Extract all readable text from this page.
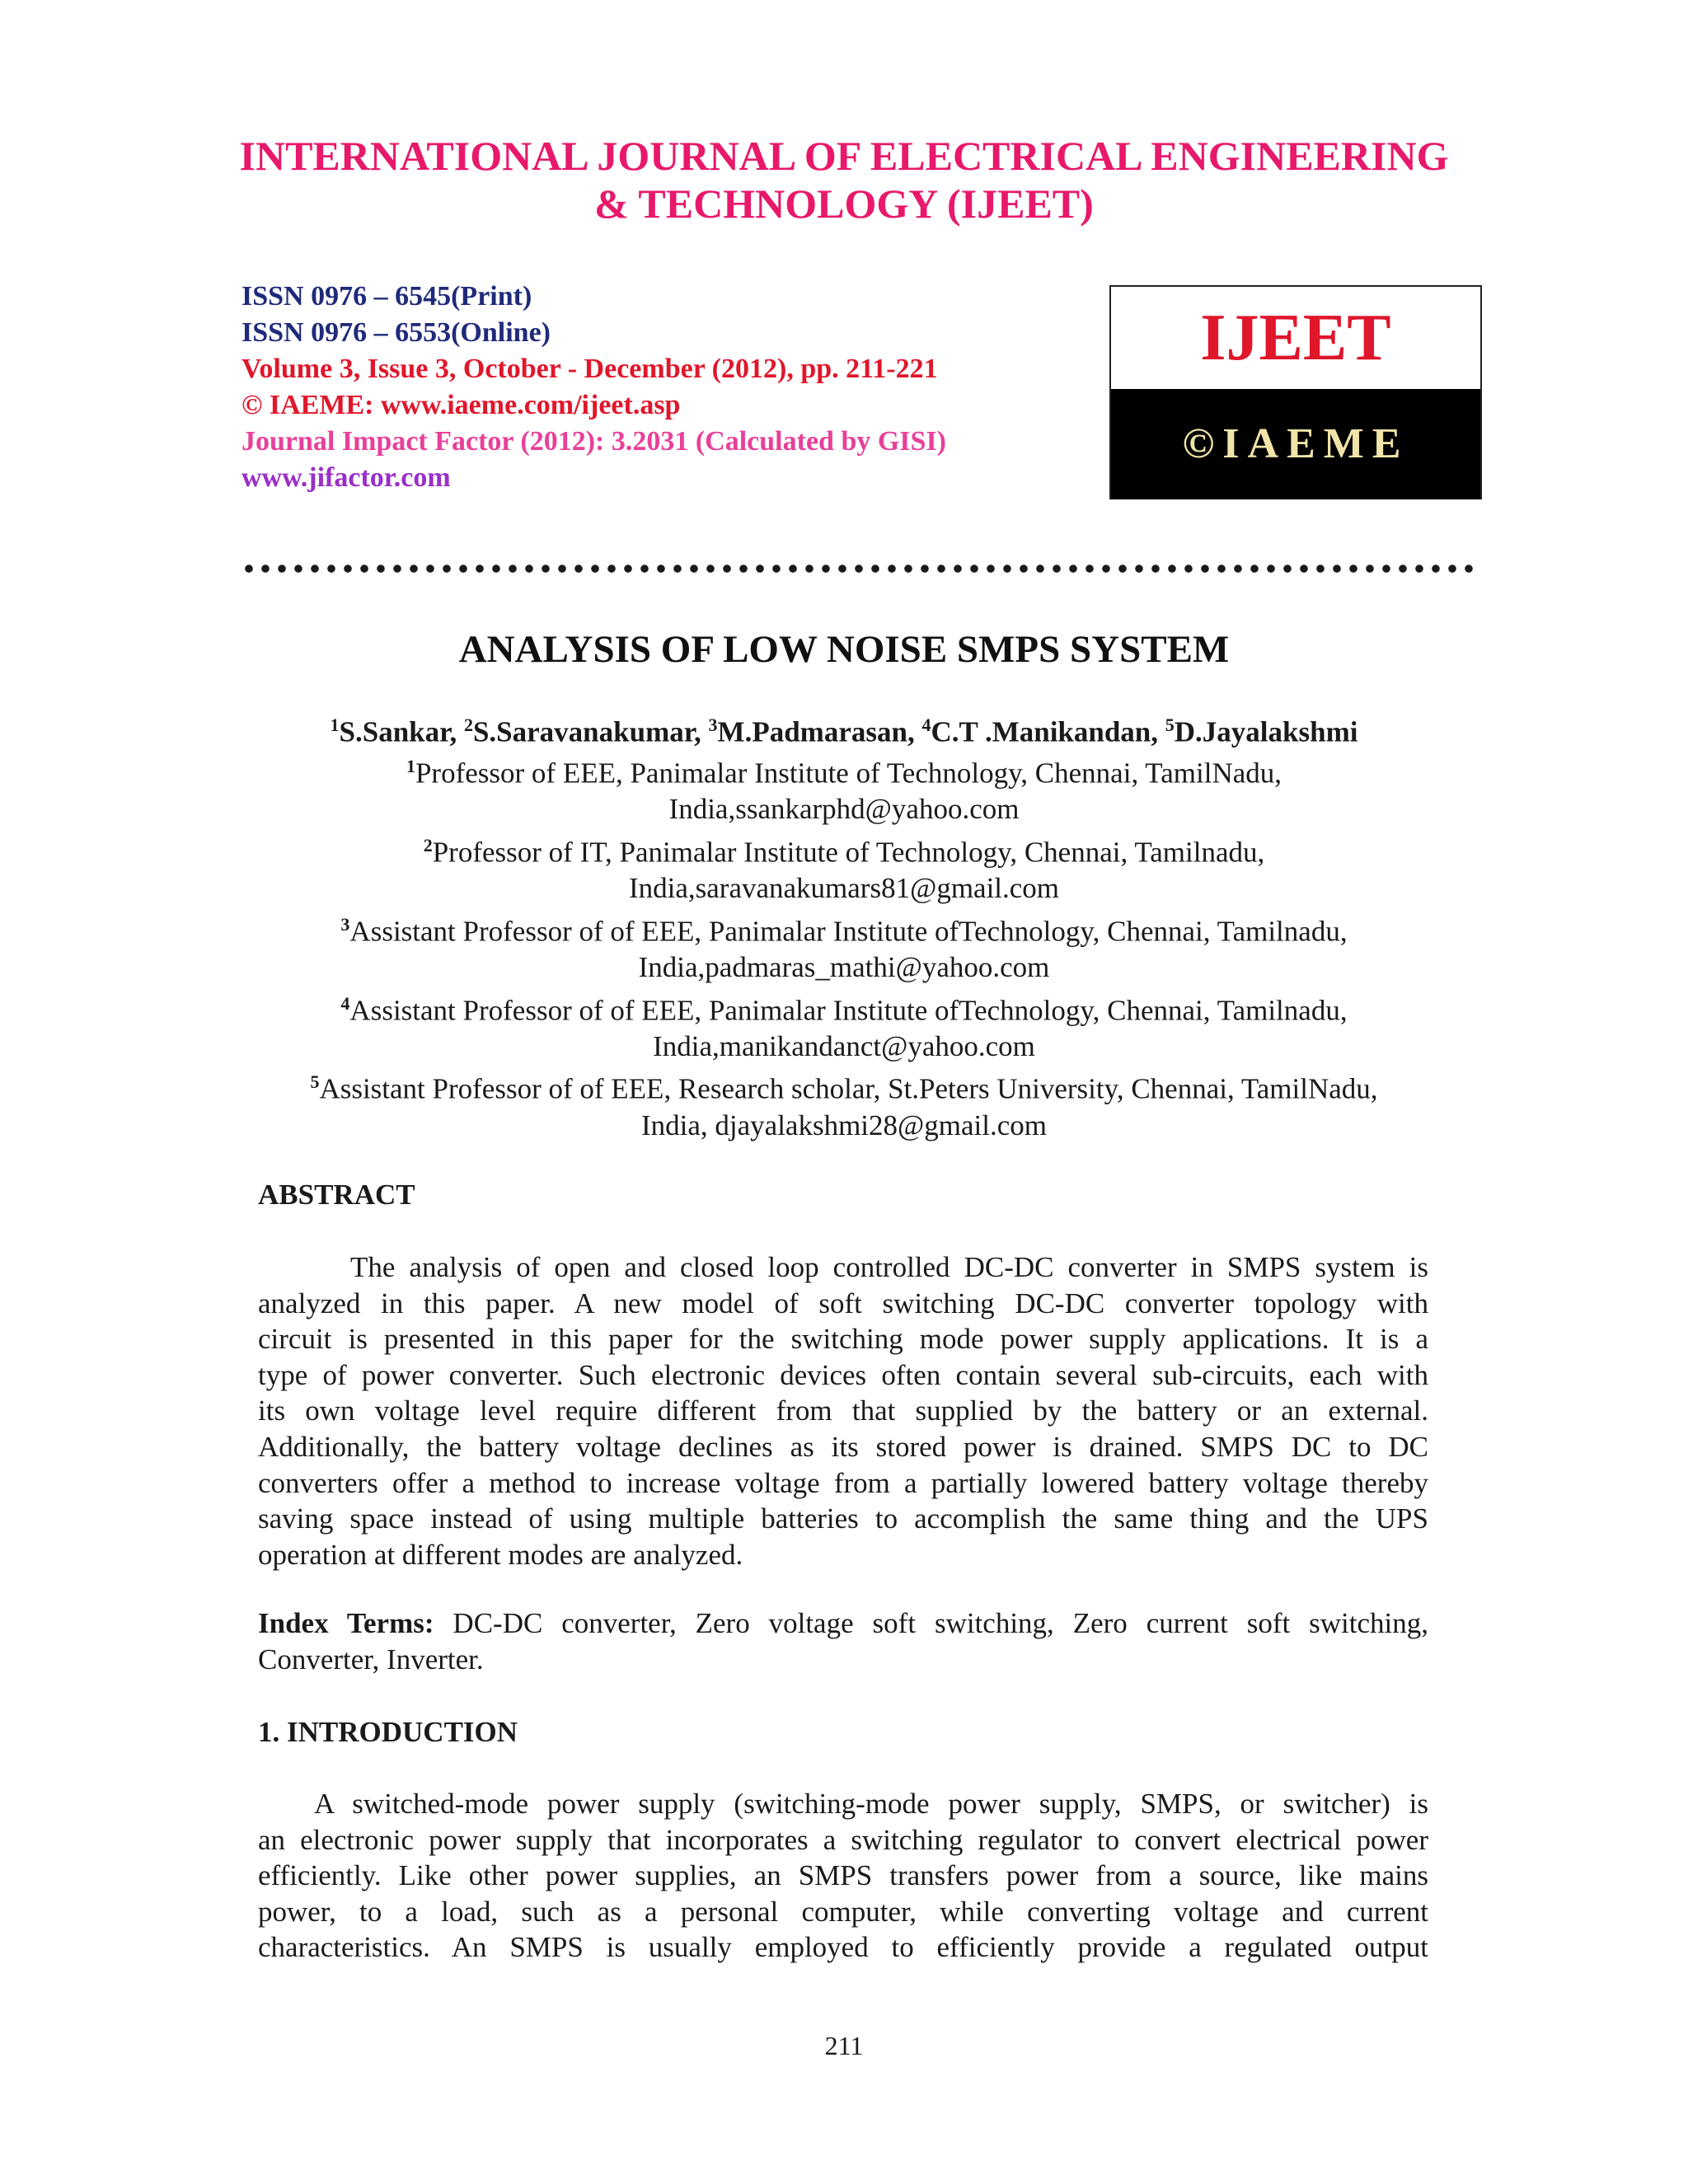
INTERNATIONAL JOURNAL OF ELECTRICAL ENGINEERING
& TECHNOLOGY (IJEET)
ISSN 0976 – 6545(Print)
ISSN 0976 – 6553(Online)
Volume 3, Issue 3, October - December (2012), pp. 211-221
© IAEME: www.iaeme.com/ijeet.asp
Journal Impact Factor (2012): 3.2031 (Calculated by GISI)
www.jifactor.com
IJEET
©IAEME
ANALYSIS OF LOW NOISE SMPS SYSTEM
$^1$S.Sankar, $^2$S.Saravanakumar, $^3$M.Padmarasan, $^4$C.T .Manikandan, $^5$D.Jayalakshmi
$^1$Professor of EEE, Panimalar Institute of Technology, Chennai, TamilNadu,
India,ssankarphd@yahoo.com
$^2$Professor of IT, Panimalar Institute of Technology, Chennai, Tamilnadu,
India,saravanakumars81@gmail.com
$^3$Assistant Professor of of EEE, Panimalar Institute ofTechnology, Chennai, Tamilnadu,
India,padmaras_mathi@yahoo.com
$^4$Assistant Professor of of EEE, Panimalar Institute ofTechnology, Chennai, Tamilnadu,
India,manikandanct@yahoo.com
$^5$Assistant Professor of of EEE, Research scholar, St.Peters University, Chennai, TamilNadu,
India, djayalakshmi28@gmail.com
ABSTRACT
The analysis of open and closed loop controlled DC-DC converter in SMPS system is
analyzed in this paper. A new model of soft switching DC-DC converter topology with
circuit is presented in this paper for the switching mode power supply applications. It is a
type of power converter. Such electronic devices often contain several sub-circuits, each with
its own voltage level require different from that supplied by the battery or an external.
Additionally, the battery voltage declines as its stored power is drained. SMPS DC to DC
converters offer a method to increase voltage from a partially lowered battery voltage thereby
saving space instead of using multiple batteries to accomplish the same thing and the UPS
operation at different modes are analyzed.
Index Terms: DC-DC converter, Zero voltage soft switching, Zero current soft switching,
Converter, Inverter.
1. INTRODUCTION
A switched-mode power supply (switching-mode power supply, SMPS, or switcher) is
an electronic power supply that incorporates a switching regulator to convert electrical power
efficiently. Like other power supplies, an SMPS transfers power from a source, like mains
power, to a load, such as a personal computer, while converting voltage and current
characteristics. An SMPS is usually employed to efficiently provide a regulated output
211
